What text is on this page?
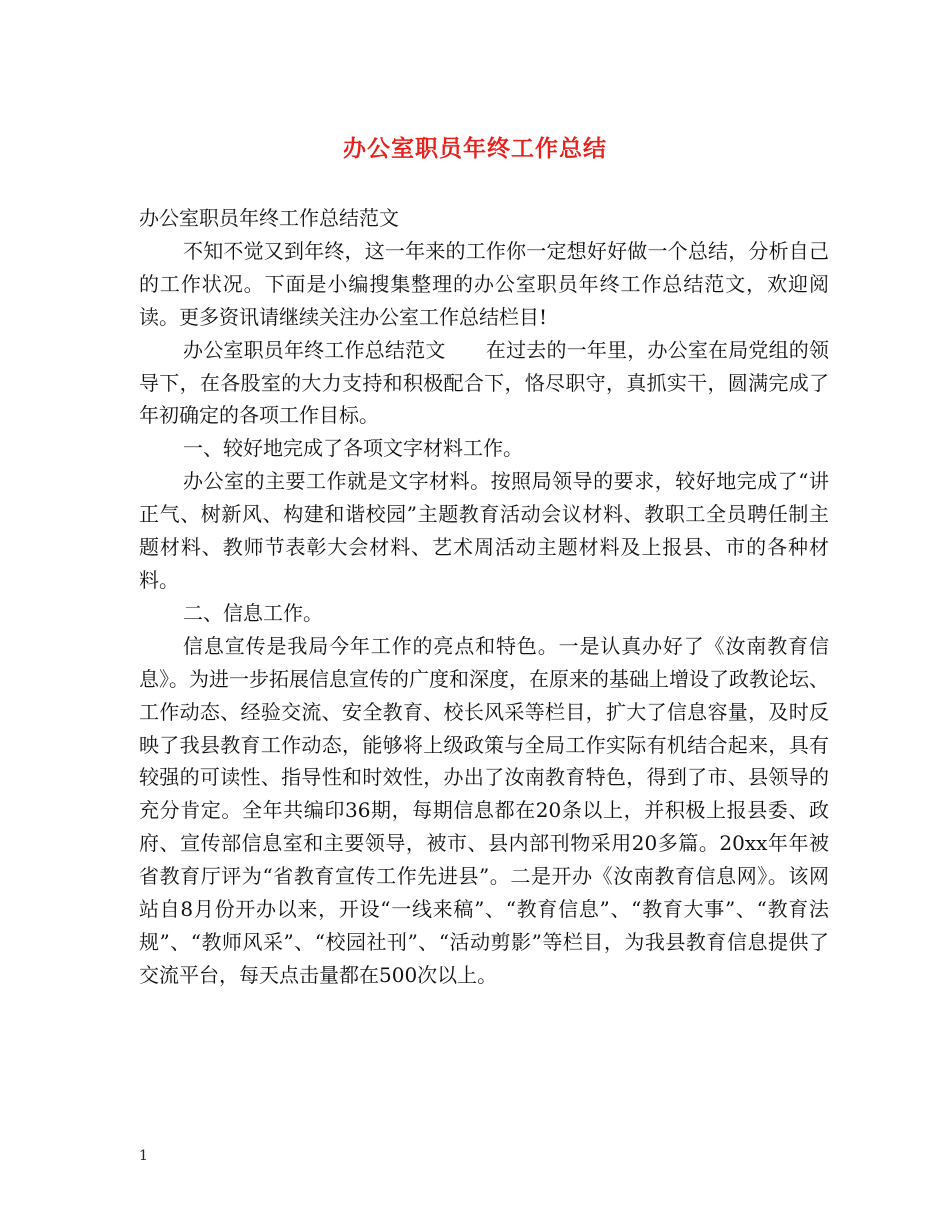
办公室职员年终工作总结

办公室职员年终工作总结范文

不知不觉又到年终，这一年来的工作你一定想好好做一个总结，分析自己的工作状况。下面是小编搜集整理的办公室职员年终工作总结范文，欢迎阅读。更多资讯请继续关注办公室工作总结栏目!

办公室职员年终工作总结范文　　在过去的一年里，办公室在局党组的领导下，在各股室的大力支持和积极配合下，恪尽职守，真抓实干，圆满完成了年初确定的各项工作目标。

一、较好地完成了各项文字材料工作。

办公室的主要工作就是文字材料。按照局领导的要求，较好地完成了“讲正气、树新风、构建和谐校园”主题教育活动会议材料、教职工全员聘任制主题材料、教师节表彰大会材料、艺术周活动主题材料及上报县、市的各种材料。

二、信息工作。

信息宣传是我局今年工作的亮点和特色。一是认真办好了《汝南教育信息》。为进一步拓展信息宣传的广度和深度，在原来的基础上增设了政教论坛、工作动态、经验交流、安全教育、校长风采等栏目，扩大了信息容量，及时反映了我县教育工作动态，能够将上级政策与全局工作实际有机结合起来，具有较强的可读性、指导性和时效性，办出了汝南教育特色，得到了市、县领导的充分肯定。全年共编印36期，每期信息都在20条以上，并积极上报县委、政府、宣传部信息室和主要领导，被市、县内部刊物采用20多篇。20xx年年被省教育厅评为“省教育宣传工作先进县”。二是开办《汝南教育信息网》。该网站自8月份开办以来，开设“一线来稿”、“教育信息”、“教育大事”、“教育法规”、“教师风采”、“校园社刊”、“活动剪影”等栏目，为我县教育信息提供了交流平台，每天点击量都在500次以上。

1
